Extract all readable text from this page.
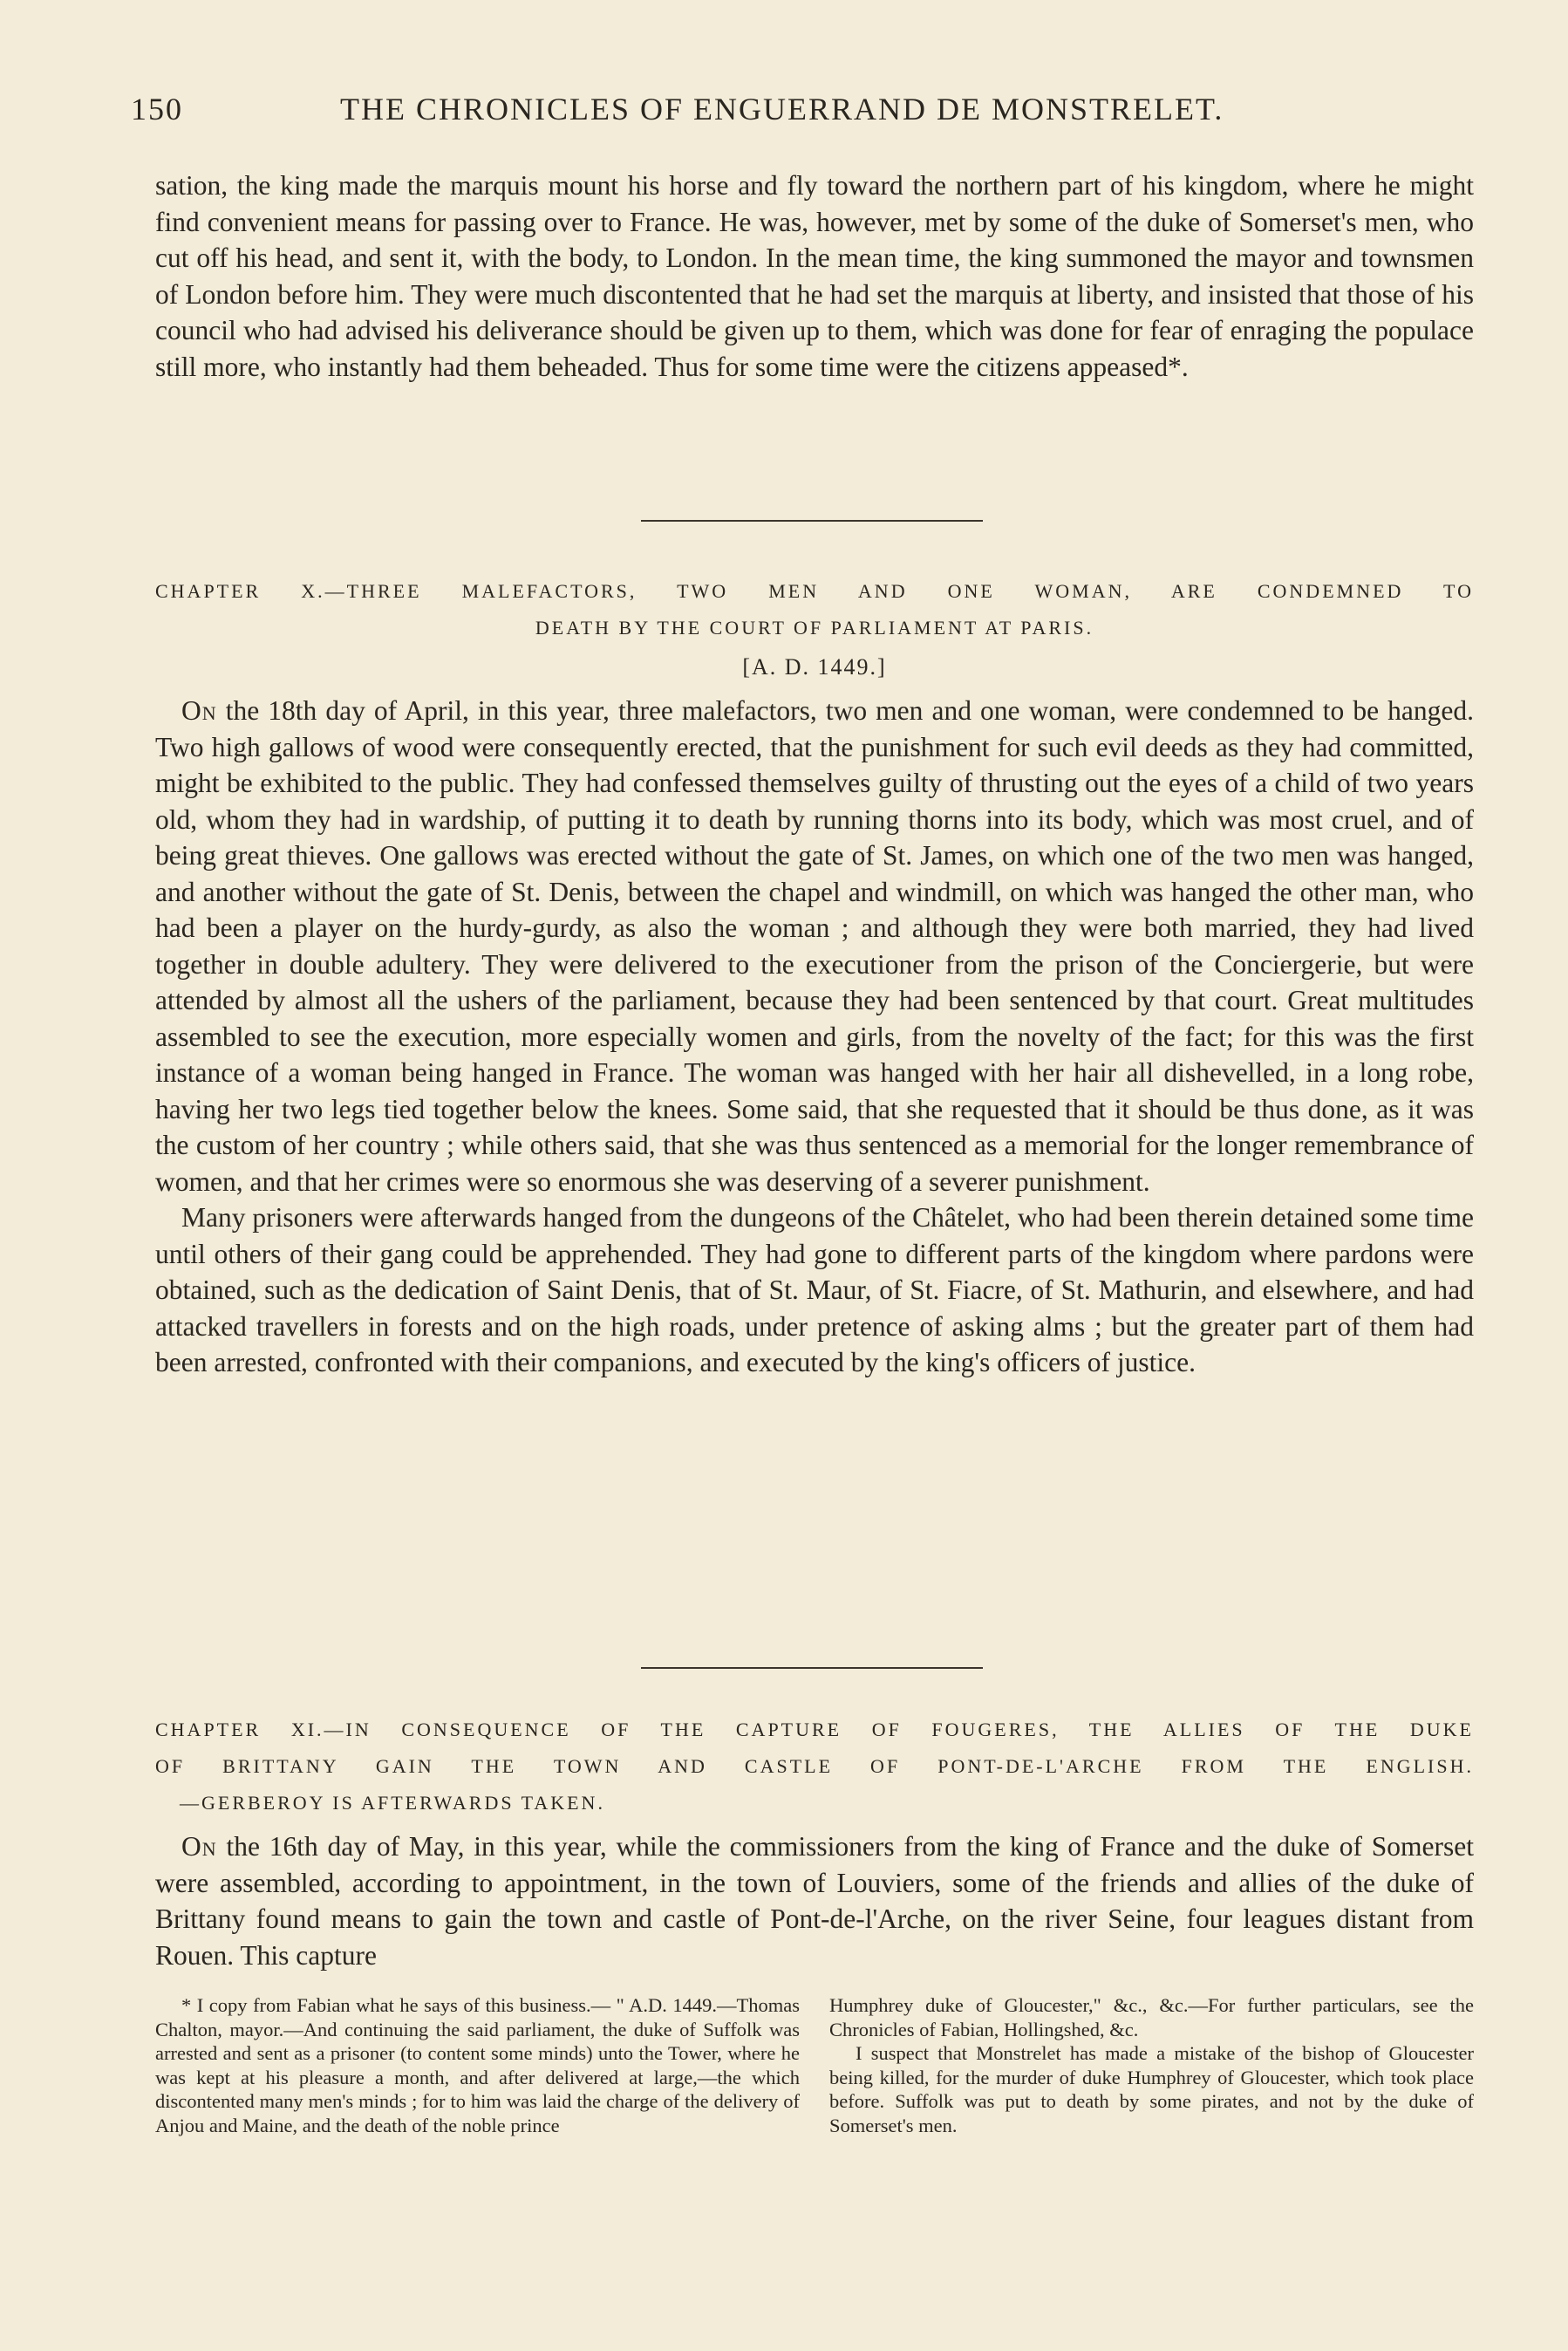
150	THE CHRONICLES OF ENGUERRAND DE MONSTRELET.

sation, the king made the marquis mount his horse and fly toward the northern part of his kingdom, where he might find convenient means for passing over to France. He was, however, met by some of the duke of Somerset's men, who cut off his head, and sent it, with the body, to London. In the mean time, the king summoned the mayor and townsmen of London before him. They were much discontented that he had set the marquis at liberty, and insisted that those of his council who had advised his deliverance should be given up to them, which was done for fear of enraging the populace still more, who instantly had them beheaded. Thus for some time were the citizens appeased*.

CHAPTER X.—THREE MALEFACTORS, TWO MEN AND ONE WOMAN, ARE CONDEMNED TO
DEATH BY THE COURT OF PARLIAMENT AT PARIS.
[A. D. 1449.]

On the 18th day of April, in this year, three malefactors, two men and one woman, were condemned to be hanged. Two high gallows of wood were consequently erected, that the punishment for such evil deeds as they had committed, might be exhibited to the public. They had confessed themselves guilty of thrusting out the eyes of a child of two years old, whom they had in wardship, of putting it to death by running thorns into its body, which was most cruel, and of being great thieves. One gallows was erected without the gate of St. James, on which one of the two men was hanged, and another without the gate of St. Denis, between the chapel and windmill, on which was hanged the other man, who had been a player on the hurdy-gurdy, as also the woman ; and although they were both married, they had lived together in double adultery. They were delivered to the executioner from the prison of the Conciergerie, but were attended by almost all the ushers of the parliament, because they had been sentenced by that court. Great multitudes assembled to see the execution, more especially women and girls, from the novelty of the fact; for this was the first instance of a woman being hanged in France. The woman was hanged with her hair all dishevelled, in a long robe, having her two legs tied together below the knees. Some said, that she requested that it should be thus done, as it was the custom of her country ; while others said, that she was thus sentenced as a memorial for the longer remembrance of women, and that her crimes were so enormous she was deserving of a severer punishment.

Many prisoners were afterwards hanged from the dungeons of the Châtelet, who had been therein detained some time until others of their gang could be apprehended. They had gone to different parts of the kingdom where pardons were obtained, such as the dedication of Saint Denis, that of St. Maur, of St. Fiacre, of St. Mathurin, and elsewhere, and had attacked travellers in forests and on the high roads, under pretence of asking alms ; but the greater part of them had been arrested, confronted with their companions, and executed by the king's officers of justice.

CHAPTER XI.—IN CONSEQUENCE OF THE CAPTURE OF FOUGERES, THE ALLIES OF THE DUKE
OF BRITTANY GAIN THE TOWN AND CASTLE OF PONT-DE-L'ARCHE FROM THE ENGLISH.
—GERBEROY IS AFTERWARDS TAKEN.

On the 16th day of May, in this year, while the commissioners from the king of France and the duke of Somerset were assembled, according to appointment, in the town of Louviers, some of the friends and allies of the duke of Brittany found means to gain the town and castle of Pont-de-l'Arche, on the river Seine, four leagues distant from Rouen. This capture

* I copy from Fabian what he says of this business.— " A.D. 1449.—Thomas Chalton, mayor.—And continuing the said parliament, the duke of Suffolk was arrested and sent as a prisoner (to content some minds) unto the Tower, where he was kept at his pleasure a month, and after delivered at large,—the which discontented many men's minds ; for to him was laid the charge of the delivery of Anjou and Maine, and the death of the noble prince

Humphrey duke of Gloucester," &c., &c.—For further particulars, see the Chronicles of Fabian, Hollingshed, &c.

I suspect that Monstrelet has made a mistake of the bishop of Gloucester being killed, for the murder of duke Humphrey of Gloucester, which took place before. Suffolk was put to death by some pirates, and not by the duke of Somerset's men.
